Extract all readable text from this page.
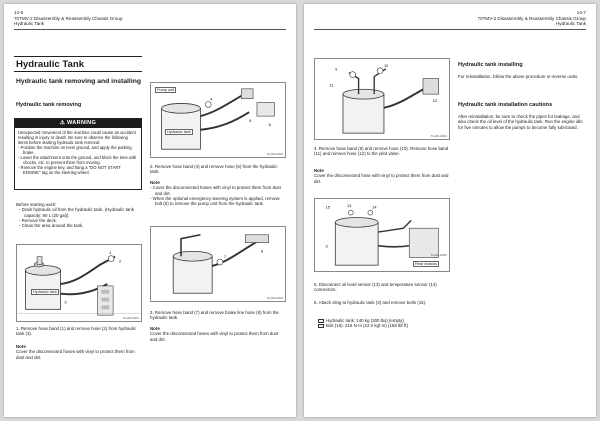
14-6
70TMV-2 Disassembly & Reassembly Chassis Group
Hydraulic Tank
Hydraulic Tank
Hydraulic tank removing and installing
Hydraulic tank removing
⚠ WARNING
Unexpected movement of the machine could cause an accident resulting in injury or death. Be sure to observe the following items before starting hydraulic tank removal:
- Position the machine on level ground, and apply the parking brake.
- Lower the attachment onto the ground, and block the tires with chocks, etc. to prevent them from moving.
- Remove the engine key, and hang a "DO NOT START ENGINE" tag on the steering wheel.
Before starting work:
- Drain hydraulic oil from the hydraulic tank. (Hydraulic tank capacity: 90 L (20 gal))
- Remove the deck.
- Clean the area around the tank.
1
2
3
Hydraulic tank
TH-08-H001
1. Remove hose band (1) and remove hose (2) from hydraulic tank (3).
Note
Cover the disconnected hoses with vinyl to protect them from dust and dirt.
4
5
6
Pump unit
Hydraulic tank
TH-08-H002
2. Remove hose band (4) and remove hose (5) from the hydraulic tank.
Note
- Cover the disconnected hoses with vinyl to protect them from dust and dirt.
- When the optional emergency steering system is applied, remove bolt (6) to remove the pump unit from the hydraulic tank.
7
8
TH-08-H003
3. Remove hose band (7) and remove brake line hose (8) from the hydraulic tank.
Note
Cover the disconnected hoses with vinyl to protect them from dust and dirt.
14-7
70TMV-2 Disassembly & Reassembly Chassis Group
Hydraulic Tank
9
10
11
12
TH-08-H004
4. Remove hose band (9) and remove hose (10). Remove hose band (11) and remove hose (12) to the pilot valve.
Note
Cover the disconnected hose with vinyl to protect them from dust and dirt.
15	13	14
3
Rear chassis
TH-08-H005
5. Disconnect oil level sensor (13) and temperature sensor (14) connectors.
6. Attach sling to hydraulic tank (3) and remove bolts (15).
Hydraulic tank: 140 kg (300 lbs) (empty)
Bolt (15): 216 N·m (22.0 kgf·m) {159 lbf·ft}
Hydraulic tank installing
For reinstallation, follow the above procedure in reverse order.
Hydraulic tank installation cautions
After reinstallation, be sure to check the pipes for leakage, and also check the oil level of the hydraulic tank. Run the engine idle for five minutes to allow the pumps to become fully lubricated.
